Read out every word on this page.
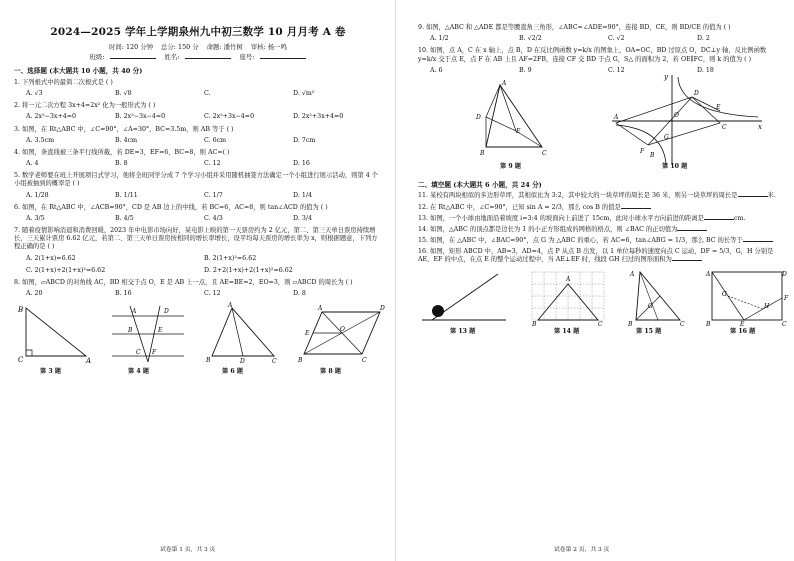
2024—2025 学年上学期泉州九中初三数学 10 月月考 A 卷
时间: 120 分钟 总分: 150 分 命题: 潘竹树 审核: 杨一鸣
班级:	姓名:	座号:
一、选择题 (本大题共 10 小题，共 40 分)
1. 下列根式中的最简二次根式是 ( )
A. √3	B. √8	C.	D. √m²
2. 将一元二次方程 3x+4=2x² 化为一般形式为 ( )
A. 2x²−3x+4=0	B. 2x²−3x−4=0	C. 2x²+3x−4=0	D. 2x²+3x+4=0
3. 如图，在 Rt△ABC 中，∠C=90°，∠A=30°，BC=3.5m，则 AB 等于 ( )
A. 3.5cm	B. 4cm	C. 6cm	D. 7cm
4. 如图，条直线被三条平行线所截，若 DE=3，EF=6，BC=8，则 AC=( )
A. 4	B. 8	C. 12	D. 16
5. 数学老师要在班上开展项目式学习，他将全班同学分成 7 个学习小组并采用随机抽签方法确定一个小组进行展示活动，则第 4 个小组被抽到的概率是 ( )
A. 1/28	B. 1/11	C. 1/7	D. 1/4
6. 如图，在 Rt△ABC 中，∠ACB=90°，CD 是 AB 边上的中线，若 BC=6，AC=8，则 tan∠ACD 的值为 ( )
A. 3/5	B. 4/5	C. 4/3	D. 3/4
7. 随着疫情影响消退和消费回暖，2023 年中电影市场向好，某电影上映的第一天票房约为 2 亿元，第二、第三天单日票房持续增长，三天累计票房 6.62 亿元，若第二、第三天单日票房按相同的增长率增长，设平均每天票房的增长率为 x，则根据题意，下列方程正确的是 ( )
A. 2(1+x)=6.62	B. 2(1+x)²=6.62
C. 2(1+x)+2(1+x)²=6.62	D. 2+2(1+x)+2(1+x)²=6.62
8. 如图，▱ABCD 的对角线 AC，BD 相交于点 O，E 是 AB 上一点，且 AE=BE=2，EO=3，则 ▱ABCD 的周长为 ( )
A. 20	B. 16	C. 12	D. 8
B
C	A
第 3 题
A	D
B	E
C F
第 4 题
A
B	C
D
第 6 题
A	D
B	C
E
O
第 8 题
试卷第 1 页，共 3 页
9. 如图，△ABC 和 △ADE 都是等腰直角三角形，∠ABC=∠ADE=90°，连接 BD，CE，则 BD/CE 的值为 ( )
A. 1/2	B. √2/2	C. √2	D. 2
10. 如图，点 A，C 在 x 轴上，点 B，D 在反比例函数 y=k/x 的图象上，OA=OC，BD 过原点 O，DC⊥y 轴，反比例函数 y=k/x 交于点 E，点 F 在 AB 上且 AF=2FB，连接 CF 交 BD 于点 G，S△ 的面积为 2，若 OE∥FC，则 k 的值为 ( )
A. 6	B. 9	C. 12	D. 18
A
D
E
B	C
第 9 题
y
x
D
E
A
C
O
G
F
B
第 10 题
二、填空题 (本大题共 6 小题，共 24 分)
11. 某校有两块相似的多边形草坪，其相似比为 3:2，其中较大的一块草坪的周长是 36 米，则另一块草坪的周长是	米.
12. 在 Rt△ABC 中，∠C=90°，已知 sin A = 2/3，那么 cos B 的值是
13. 如图，一个小球由地面沿着坡度 i=3:4 的坡面向上前进了 15cm，此时小球水平方向前进的距离是	cm.
14. 如图，△ABC 的顶点都是边长为 1 的小正方形组成的网格的格点，则 ∠BAC 的正切值为
15. 如图，在 △ABC 中，∠BAC=90°，点 G 为 △ABC 的重心，若 AC=6，tan∠ABG = 1/3，那么 BC 的长等于
16. 如图，矩形 ABCD 中，AB=3，AD=4，点 P 从点 B 出发，以 1 单位每秒的速度向点 C 运动，DF = 5/3，G，H 分别是 AE，EF 的中点，在点 E 的整个运动过程中，当 AE⊥EF 时，线段 GH 扫过的图形面积为
第 13 题
A
B	C
第 14 题
A
B	C
G
第 15 题
A	D
B	C
E
F
G
H
第 16 题
试卷第 2 页，共 3 页
